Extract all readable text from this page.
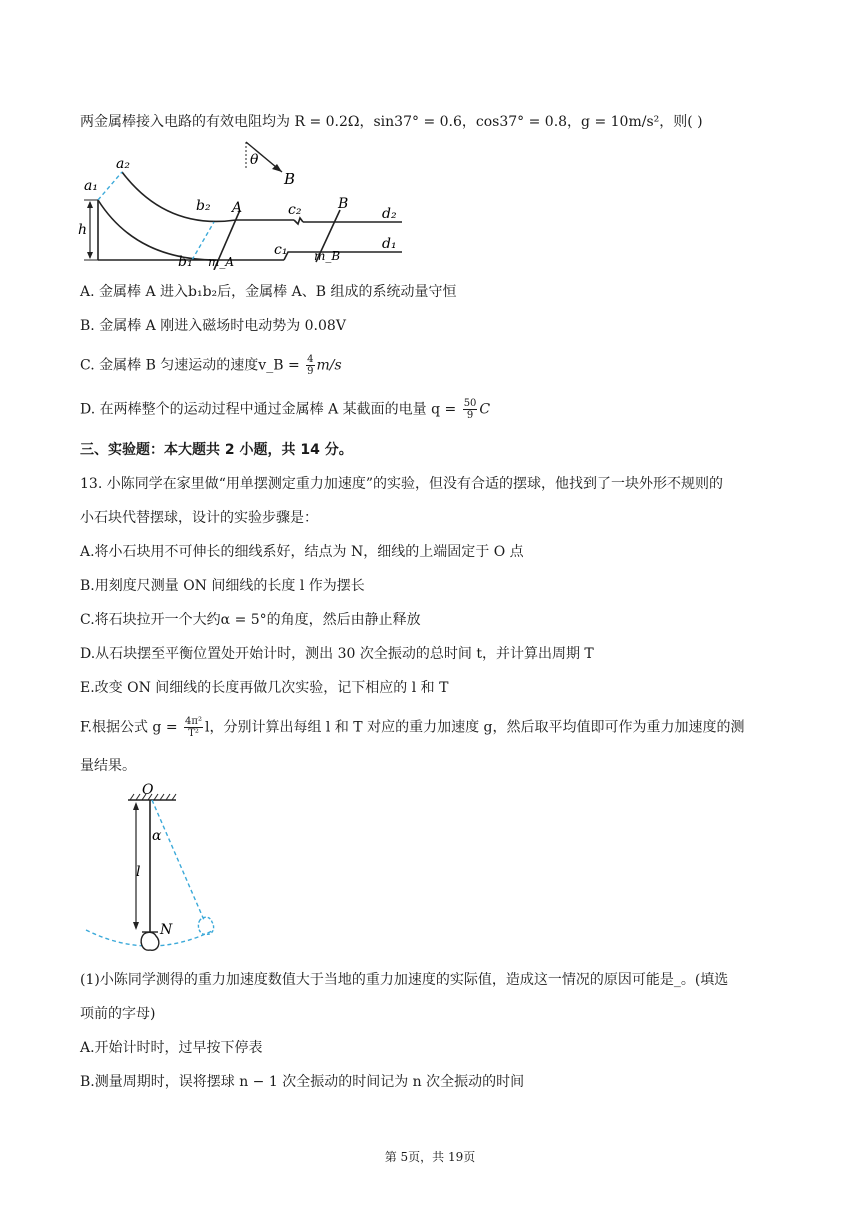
两金属棒接入电路的有效电阻均为 R = 0.2Ω，sin37° = 0.6，cos37° = 0.8，g = 10m/s²，则( )
a₂
a₁
h
b₂
b₁
A
m_A
c₂
c₁
B
m_B
d₂
d₁
θ
B
A. 金属棒 A 进入b₁b₂后，金属棒 A、B 组成的系统动量守恒
B. 金属棒 A 刚进入磁场时电动势为 0.08V
C. 金属棒 B 匀速运动的速度v_B = $\frac{4}{9} m/s$
D. 在两棒整个的运动过程中通过金属棒 A 某截面的电量 $q = \frac{50}{9}$ C
三、实验题：本大题共 2 小题，共 14 分。
13. 小陈同学在家里做“用单摆测定重力加速度”的实验，但没有合适的摆球，他找到了一块外形不规则的
小石块代替摆球，设计的实验步骤是：
A.将小石块用不可伸长的细线系好，结点为 N，细线的上端固定于 O 点
B.用刻度尺测量 ON 间细线的长度 l 作为摆长
C.将石块拉开一个大约α = 5°的角度，然后由静止释放
D.从石块摆至平衡位置处开始计时，测出 30 次全振动的总时间 t，并计算出周期 T
E.改变 ON 间细线的长度再做几次实验，记下相应的 l 和 T
F.根据公式 $g = \frac{\text{4π²}}{\text{T²}}$ l，分别计算出每组 l 和 T 对应的重力加速度 g，然后取平均值即可作为重力加速度的测
量结果。
O
α
l
N
(1)小陈同学测得的重力加速度数值大于当地的重力加速度的实际值，造成这一情况的原因可能是_。(填选
项前的字母)
A.开始计时时，过早按下停表
B.测量周期时，误将摆球 n − 1 次全振动的时间记为 n 次全振动的时间
第 5页，共 19页
